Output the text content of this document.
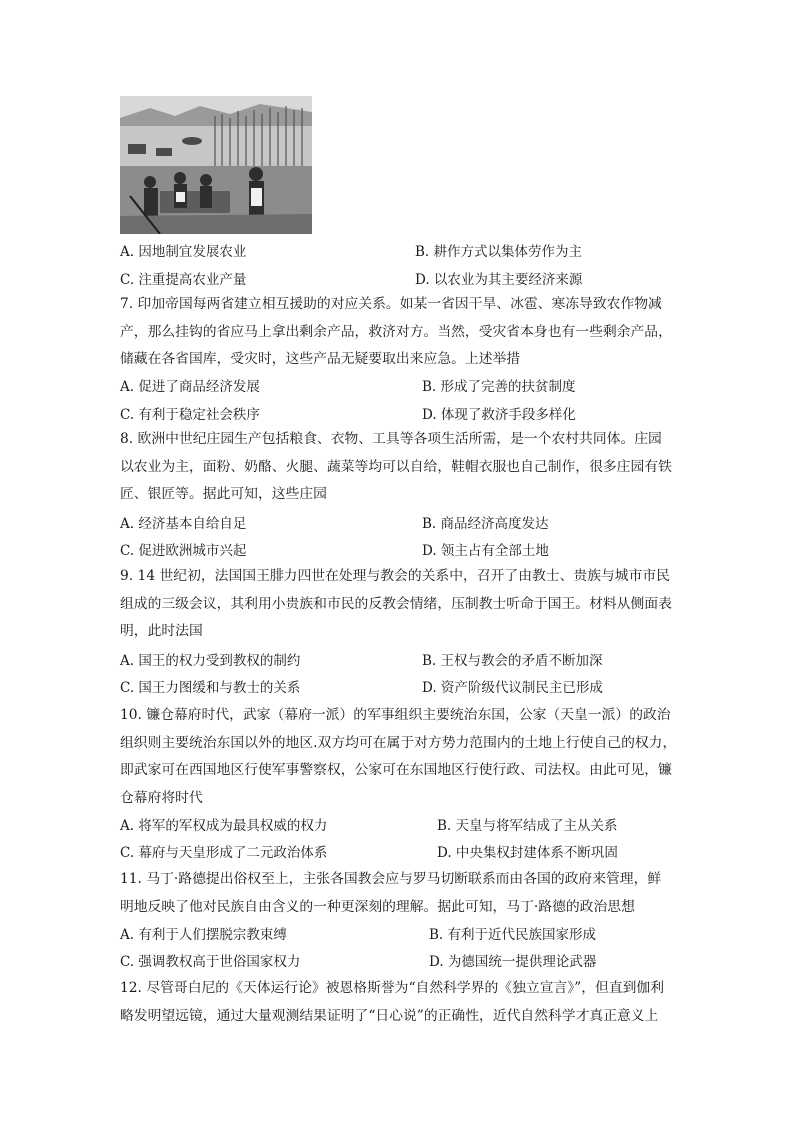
A. 因地制宜发展农业	B. 耕作方式以集体劳作为主
C. 注重提高农业产量	D. 以农业为其主要经济来源
7. 印加帝国每两省建立相互援助的对应关系。如某一省因干旱、冰雹、寒冻导致农作物减
产，那么挂钩的省应马上拿出剩余产品，救济对方。当然，受灾省本身也有一些剩余产品，
储藏在各省国库，受灾时，这些产品无疑要取出来应急。上述举措
A. 促进了商品经济发展	B. 形成了完善的扶贫制度
C. 有利于稳定社会秩序	D. 体现了救济手段多样化
8. 欧洲中世纪庄园生产包括粮食、衣物、工具等各项生活所需，是一个农村共同体。庄园
以农业为主，面粉、奶酪、火腿、蔬菜等均可以自给，鞋帽衣服也自己制作，很多庄园有铁
匠、银匠等。据此可知，这些庄园
A. 经济基本自给自足	B. 商品经济高度发达
C. 促进欧洲城市兴起	D. 领主占有全部土地
9. 14 世纪初，法国国王腓力四世在处理与教会的关系中，召开了由教士、贵族与城市市民
组成的三级会议，其利用小贵族和市民的反教会情绪，压制教士听命于国王。材料从侧面表
明，此时法国
A. 国王的权力受到教权的制约	B. 王权与教会的矛盾不断加深
C. 国王力图缓和与教士的关系	D. 资产阶级代议制民主已形成
10. 镰仓幕府时代，武家（幕府一派）的军事组织主要统治东国，公家（天皇一派）的政治
组织则主要统治东国以外的地区.双方均可在属于对方势力范围内的土地上行使自己的权力，
即武家可在西国地区行使军事警察权，公家可在东国地区行使行政、司法权。由此可见，镰
仓幕府将时代
A. 将军的军权成为最具权威的权力	B. 天皇与将军结成了主从关系
C. 幕府与天皇形成了二元政治体系	D. 中央集权封建体系不断巩固
11. 马丁·路德提出俗权至上，主张各国教会应与罗马切断联系而由各国的政府来管理，鲜
明地反映了他对民族自由含义的一种更深刻的理解。据此可知，马丁·路德的政治思想
A. 有利于人们摆脱宗教束缚	B. 有利于近代民族国家形成
C. 强调教权高于世俗国家权力	D. 为德国统一提供理论武器
12. 尽管哥白尼的《天体运行论》被恩格斯誉为“自然科学界的《独立宣言》”，但直到伽利
略发明望远镜，通过大量观测结果证明了“日心说”的正确性，近代自然科学才真正意义上
